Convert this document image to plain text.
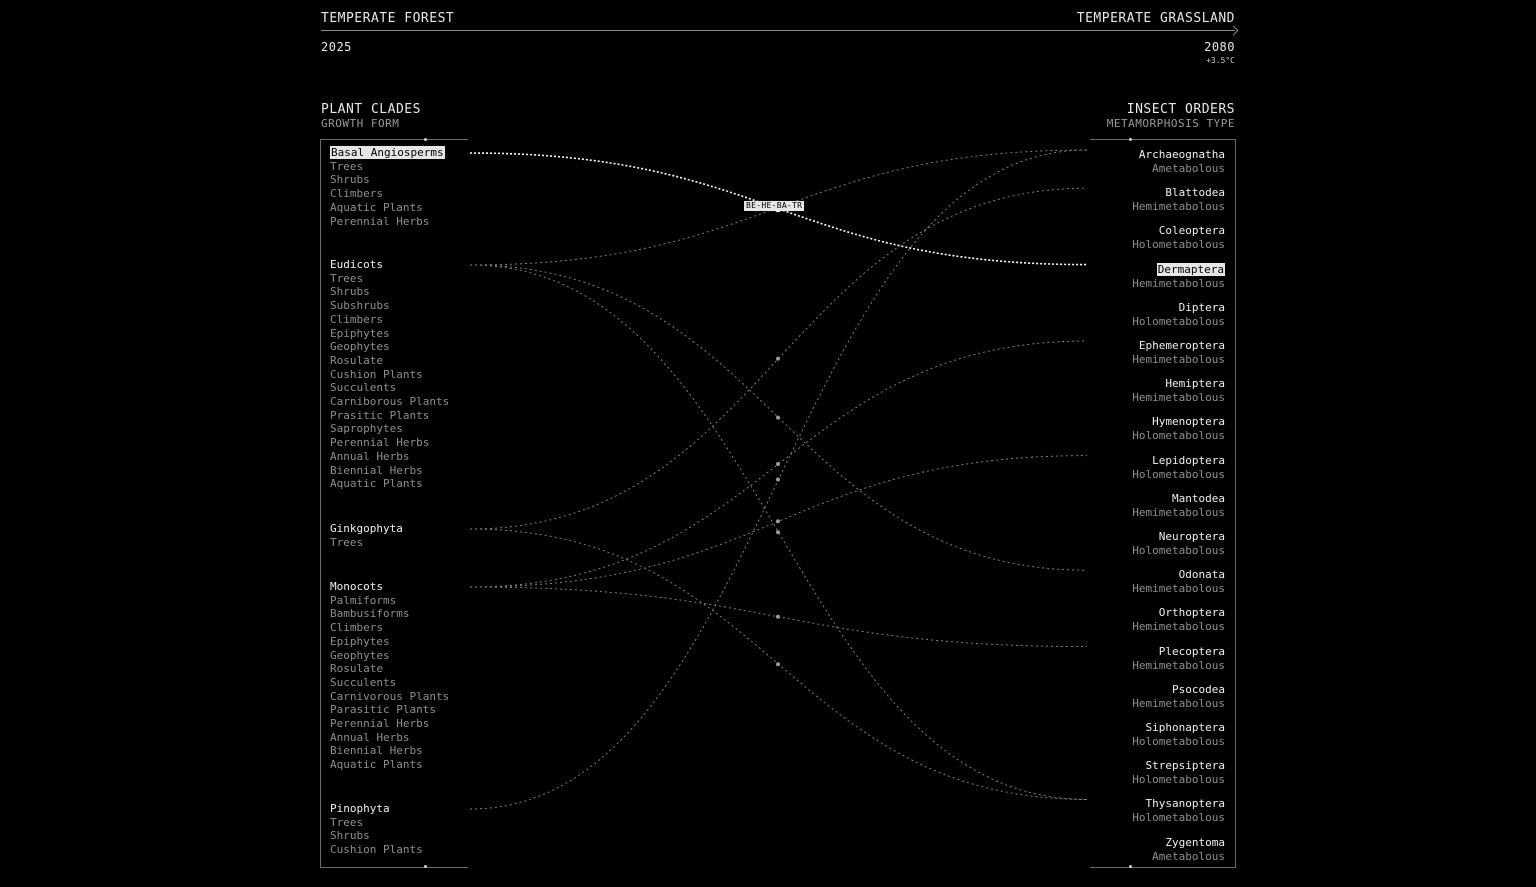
TEMPERATE FOREST	TEMPERATE GRASSLAND
2025	2080
+3.5°C
PLANT CLADES
GROWTH FORM
INSECT ORDERS
METAMORPHOSIS TYPE
Basal Angiosperms
Trees
Shrubs
Climbers
Aquatic Plants
Perennial Herbs
Eudicots
Trees
Shrubs
Subshrubs
Climbers
Epiphytes
Geophytes
Rosulate
Cushion Plants
Succulents
Carniborous Plants
Prasitic Plants
Saprophytes
Perennial Herbs
Annual Herbs
Biennial Herbs
Aquatic Plants
Ginkgophyta
Trees
Monocots
Palmiforms
Bambusiforms
Climbers
Epiphytes
Geophytes
Rosulate
Succulents
Carnivorous Plants
Parasitic Plants
Perennial Herbs
Annual Herbs
Biennial Herbs
Aquatic Plants
Pinophyta
Trees
Shrubs
Cushion Plants
Archaeognatha
Ametabolous
Blattodea
Hemimetabolous
Coleoptera
Holometabolous
Dermaptera
Hemimetabolous
Diptera
Holometabolous
Ephemeroptera
Hemimetabolous
Hemiptera
Hemimetabolous
Hymenoptera
Holometabolous
Lepidoptera
Holometabolous
Mantodea
Hemimetabolous
Neuroptera
Holometabolous
Odonata
Hemimetabolous
Orthoptera
Hemimetabolous
Plecoptera
Hemimetabolous
Psocodea
Hemimetabolous
Siphonaptera
Holometabolous
Strepsiptera
Holometabolous
Thysanoptera
Holometabolous
Zygentoma
Ametabolous
BE-HE-BA-TR
